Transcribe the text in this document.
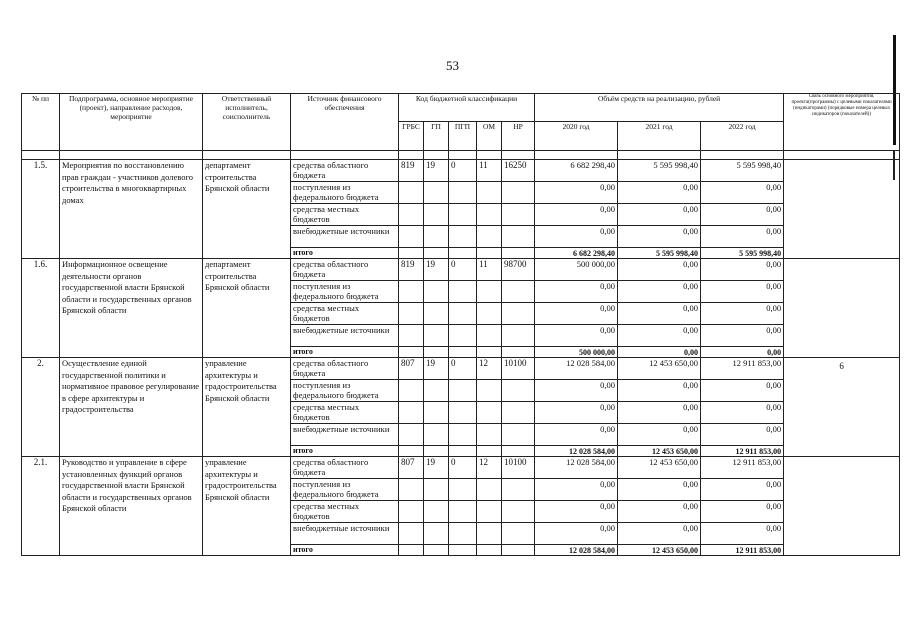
53
№ пп	Подпрограмма, основное мероприятие (проект), направление расходов, мероприятие	Ответственный исполнитель, соисполнитель	Источник финансового обеспечения	Код бюджетной классификации					Объём средств на реализацию, рублей			Связь основного мероприятия, проекта(программы) с целевыми показателями (индикаторами) (порядковые номера целевых индикаторов (показателей))
				ГРБС	ГП	ПГП	ОМ	НР	2020 год	2021 год	2022 год	

1.5.	Мероприятия по восстановлению прав граждан - участников долевого строительства в многоквартирных домах	департамент строительства Брянской области	средства областного бюджета	819	19	0	11	16250	6 682 298,40	5 595 998,40	5 595 998,40	
			поступления из федерального бюджета						0,00	0,00	0,00	
			средства местных бюджетов						0,00	0,00	0,00	
			внебюджетные источники						0,00	0,00	0,00	
			итого						6 682 298,40	5 595 998,40	5 595 998,40	
1.6.	Информационное освещение деятельности органов государственной власти Брянской области и государственных органов Брянской области	департамент строительства Брянской области	средства областного бюджета	819	19	0	11	98700	500 000,00	0,00	0,00	
			поступления из федерального бюджета						0,00	0,00	0,00	
			средства местных бюджетов						0,00	0,00	0,00	
			внебюджетные источники						0,00	0,00	0,00	
			итого						500 000,00	0,00	0,00	
2.	Осуществление единой государственной политики и нормативное правовое регулирование в сфере архитектуры и градостроительства	управление архитектуры и градостроительства Брянской области	средства областного бюджета	807	19	0	12	10100	12 028 584,00	12 453 650,00	12 911 853,00	6
			поступления из федерального бюджета						0,00	0,00	0,00	
			средства местных бюджетов						0,00	0,00	0,00	
			внебюджетные источники						0,00	0,00	0,00	
			итого						12 028 584,00	12 453 650,00	12 911 853,00	
2.1.	Руководство и управление в сфере установленных функций органов государственной власти Брянской области и государственных органов Брянской области	управление архитектуры и градостроительства Брянской области	средства областного бюджета	807	19	0	12	10100	12 028 584,00	12 453 650,00	12 911 853,00	
			поступления из федерального бюджета						0,00	0,00	0,00	
			средства местных бюджетов						0,00	0,00	0,00	
			внебюджетные источники						0,00	0,00	0,00	
			итого						12 028 584,00	12 453 650,00	12 911 853,00	
